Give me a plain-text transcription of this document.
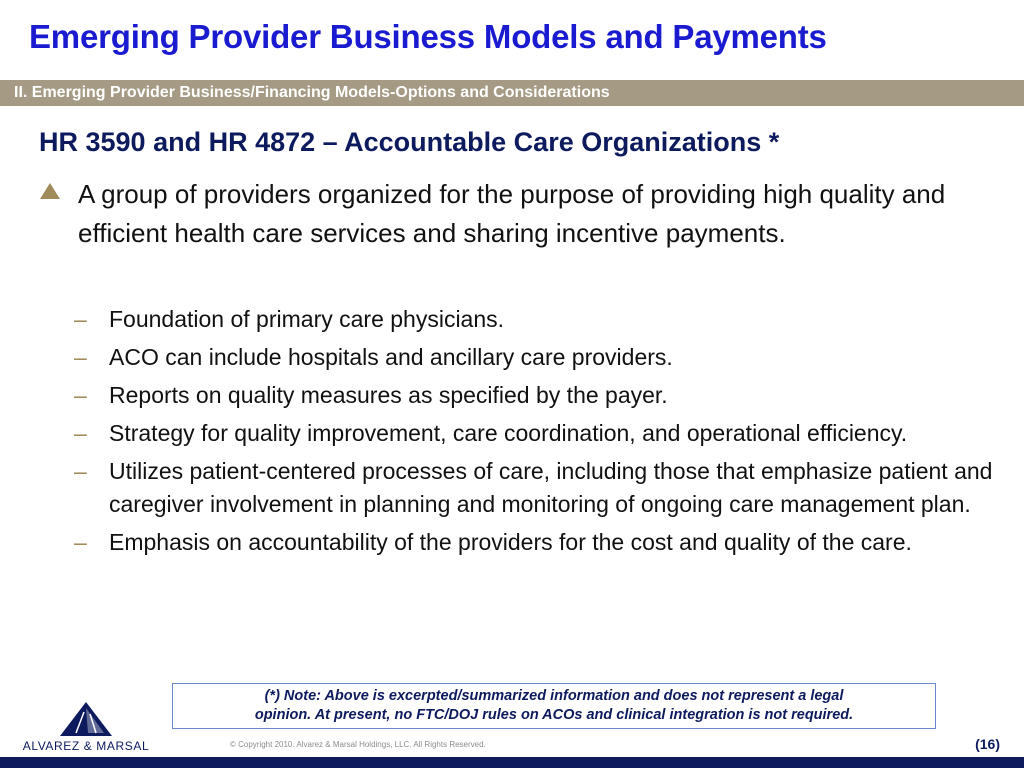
Emerging Provider Business Models and Payments
II. Emerging Provider Business/Financing Models-Options and Considerations
HR 3590 and HR 4872 – Accountable Care Organizations *
A group of providers organized for the purpose of providing high quality and efficient health care services and sharing incentive payments.
– Foundation of primary care physicians.
– ACO can include hospitals and ancillary care providers.
– Reports on quality measures as specified by the payer.
– Strategy for quality improvement, care coordination, and operational efficiency.
– Utilizes patient-centered processes of care, including those that emphasize patient and caregiver involvement in planning and monitoring of ongoing care management plan.
– Emphasis on accountability of the providers for the cost and quality of the care.
ALVAREZ & MARSAL
(*) Note: Above is excerpted/summarized information and does not represent a legal
opinion. At present, no FTC/DOJ rules on ACOs and clinical integration is not required.
© Copyright 2010. Alvarez & Marsal Holdings, LLC. All Rights Reserved.	(16)
